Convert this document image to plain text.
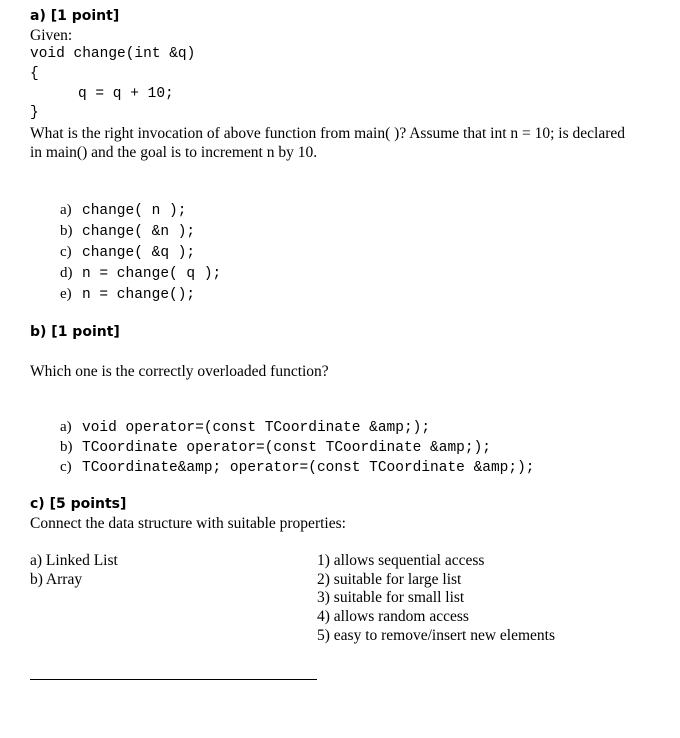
a) [1 point]
Given:
void change(int &q)
{
q = q + 10;
}
What is the right invocation of above function from main( )? Assume that int n = 10; is declared
in main() and the goal is to increment n by 10.

a) change( n );

b) change( &n );

c) change( &q );

d) n = change( q );

e) n = change();

b) [1 point]
Which one is the correctly overloaded function?

a) void operator=(const TCoordinate &amp;);

b) TCoordinate operator=(const TCoordinate &amp;);

c) TCoordinate&amp; operator=(const TCoordinate &amp;);

c) [5 points]
Connect the data structure with suitable properties:
a) Linked List
b) Array
1) allows sequential access
2) suitable for large list
3) suitable for small list
4) allows random access
5) easy to remove/insert new elements
